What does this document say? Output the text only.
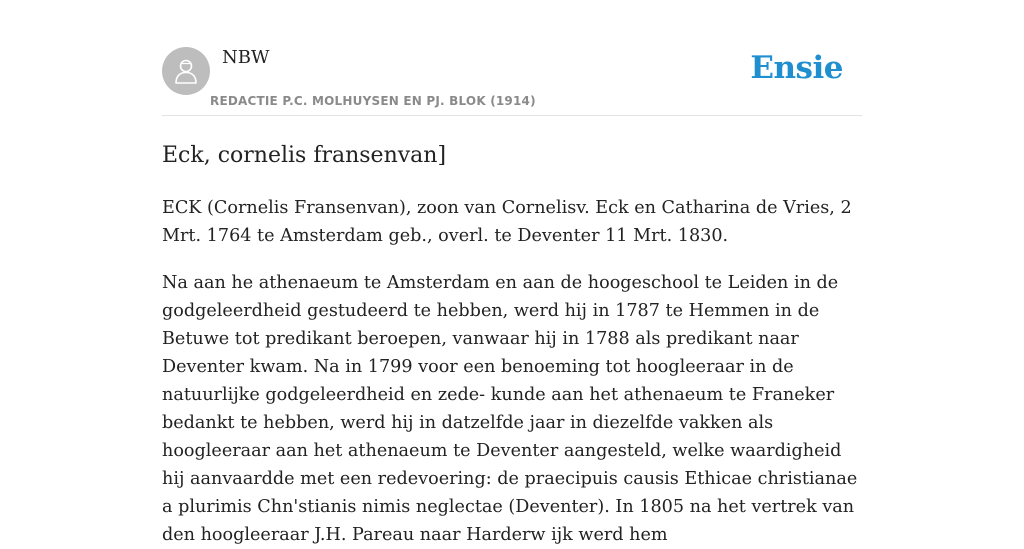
NBW
REDACTIE P.C. MOLHUYSEN EN PJ. BLOK (1914)
Ensie
Eck, cornelis fransenvan]

ECK (Cornelis Fransenvan), zoon van Cornelisv. Eck en Catharina de Vries, 2 Mrt. 1764 te Amsterdam geb., overl. te Deventer 11 Mrt. 1830.

Na aan he athenaeum te Amsterdam en aan de hoogeschool te Leiden in de godgeleerdheid gestudeerd te hebben, werd hij in 1787 te Hemmen in de Betuwe tot predikant beroepen, vanwaar hij in 1788 als predikant naar Deventer kwam. Na in 1799 voor een benoeming tot hoogleeraar in de natuurlijke godgeleerdheid en zede- kunde aan het athenaeum te Franeker bedankt te hebben, werd hij in datzelfde jaar in diezelfde vakken als hoogleeraar aan het athenaeum te Deventer aangesteld, welke waardigheid hij aanvaardde met een redevoering: de praecipuis causis Ethicae christianae a plurimis Chn'stianis nimis neglectae (Deventer). In 1805 na het vertrek van den hoogleeraar J.H. Pareau naar Harderw ijk werd hem
